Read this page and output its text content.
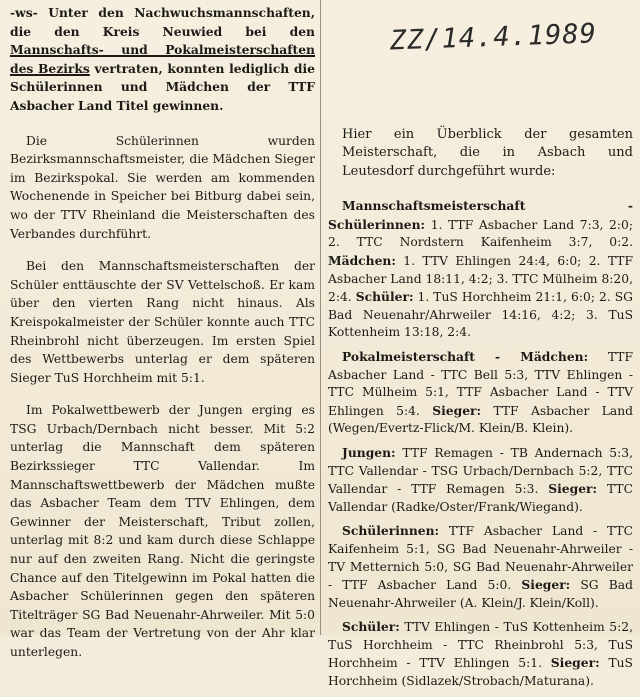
-ws- Unter den Nachwuchsmannschaften, die den Kreis Neuwied bei den Mannschafts- und Pokalmeisterschaften des Bezirks vertraten, konnten lediglich die Schülerinnen und Mädchen der TTF Asbacher Land Titel gewinnen.

Die Schülerinnen wurden Bezirksmannschaftsmeister, die Mädchen Sieger im Bezirkspokal. Sie werden am kommenden Wochenende in Speicher bei Bitburg dabei sein, wo der TTV Rheinland die Meisterschaften des Verbandes durchführt.

Bei den Mannschaftsmeisterschaften der Schüler enttäuschte der SV Vettelschoß. Er kam über den vierten Rang nicht hinaus. Als Kreispokalmeister der Schüler konnte auch TTC Rheinbrohl nicht überzeugen. Im ersten Spiel des Wettbewerbs unterlag er dem späteren Sieger TuS Horchheim mit 5:1.

Im Pokalwettbewerb der Jungen erging es TSG Urbach/Dernbach nicht besser. Mit 5:2 unterlag die Mannschaft dem späteren Bezirkssieger TTC Vallendar. Im Mannschaftswettbewerb der Mädchen mußte das Asbacher Team dem TTV Ehlingen, dem Gewinner der Meisterschaft, Tribut zollen, unterlag mit 8:2 und kam durch diese Schlappe nur auf den zweiten Rang. Nicht die geringste Chance auf den Titelgewinn im Pokal hatten die Asbacher Schülerinnen gegen den späteren Titelträger SG Bad Neuenahr-Ahrweiler. Mit 5:0 war das Team der Vertretung von der Ahr klar unterlegen.

ZZ/14.4.1989

Hier ein Überblick der gesamten Meisterschaft, die in Asbach und Leutesdorf durchgeführt wurde:

Mannschaftsmeisterschaft - Schülerinnen: 1. TTF Asbacher Land 7:3, 2:0; 2. TTC Nordstern Kaifenheim 3:7, 0:2. Mädchen: 1. TTV Ehlingen 24:4, 6:0; 2. TTF Asbacher Land 18:11, 4:2; 3. TTC Mülheim 8:20, 2:4. Schüler: 1. TuS Horchheim 21:1, 6:0; 2. SG Bad Neuenahr/Ahrweiler 14:16, 4:2; 3. TuS Kottenheim 13:18, 2:4.

Pokalmeisterschaft - Mädchen: TTF Asbacher Land - TTC Bell 5:3, TTV Ehlingen - TTC Mülheim 5:1, TTF Asbacher Land - TTV Ehlingen 5:4. Sieger: TTF Asbacher Land (Wegen/Evertz-Flick/M. Klein/B. Klein).

Jungen: TTF Remagen - TB Andernach 5:3, TTC Vallendar - TSG Urbach/Dernbach 5:2, TTC Vallendar - TTF Remagen 5:3. Sieger: TTC Vallendar (Radke/Oster/Frank/Wiegand).

Schülerinnen: TTF Asbacher Land - TTC Kaifenheim 5:1, SG Bad Neuenahr-Ahrweiler - TV Metternich 5:0, SG Bad Neuenahr-Ahrweiler - TTF Asbacher Land 5:0. Sieger: SG Bad Neuenahr-Ahrweiler (A. Klein/J. Klein/Koll).

Schüler: TTV Ehlingen - TuS Kottenheim 5:2, TuS Horchheim - TTC Rheinbrohl 5:3, TuS Horchheim - TTV Ehlingen 5:1. Sieger: TuS Horchheim (Sidlazek/Strobach/Maturana).
